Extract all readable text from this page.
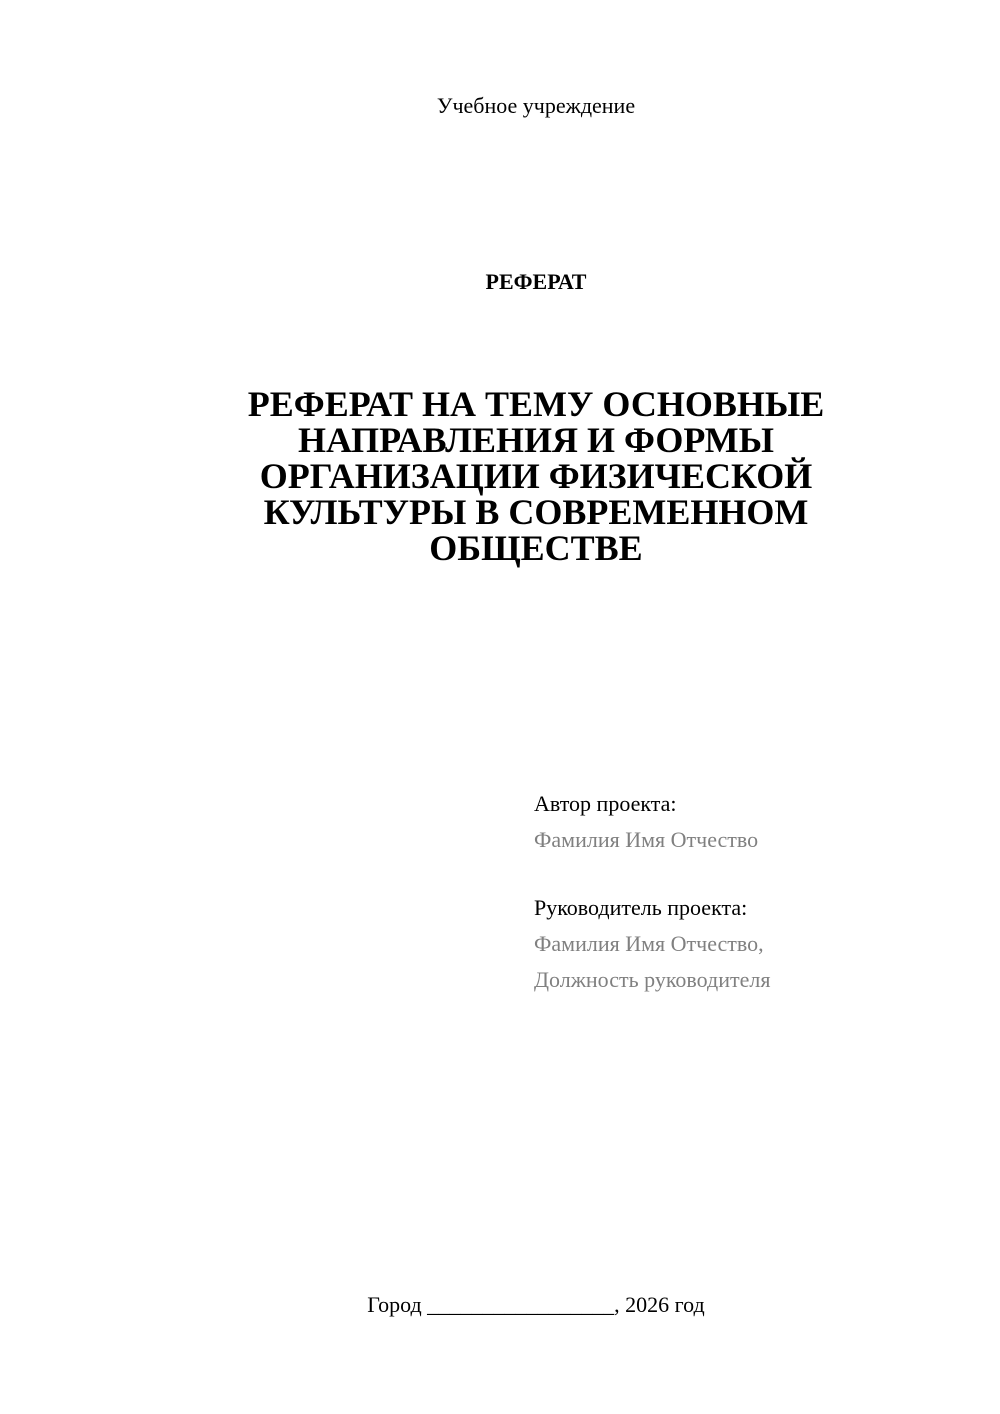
Учебное учреждение
РЕФЕРАТ
РЕФЕРАТ НА ТЕМУ ОСНОВНЫЕ
НАПРАВЛЕНИЯ И ФОРМЫ
ОРГАНИЗАЦИИ ФИЗИЧЕСКОЙ
КУЛЬТУРЫ В СОВРЕМЕННОМ
ОБЩЕСТВЕ
Автор проекта:
Фамилия Имя Отчество
Руководитель проекта:
Фамилия Имя Отчество,
Должность руководителя
Город _________________, 2026 год
